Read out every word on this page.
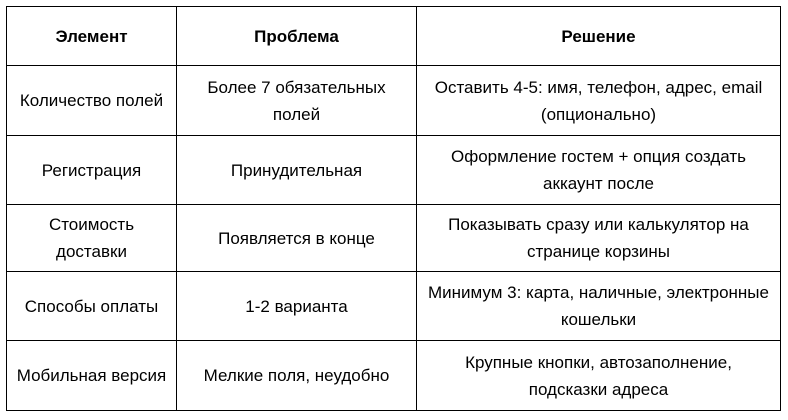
Элемент	Проблема	Решение
Количество полей	Более 7 обязательных полей	Оставить 4-5: имя, телефон, адрес, email (опционально)
Регистрация	Принудительная	Оформление гостем + опция создать аккаунт после
Стоимость доставки	Появляется в конце	Показывать сразу или калькулятор на странице корзины
Способы оплаты	1-2 варианта	Минимум 3: карта, наличные, электронные кошельки
Мобильная версия	Мелкие поля, неудобно	Крупные кнопки, автозаполнение, подсказки адреса
